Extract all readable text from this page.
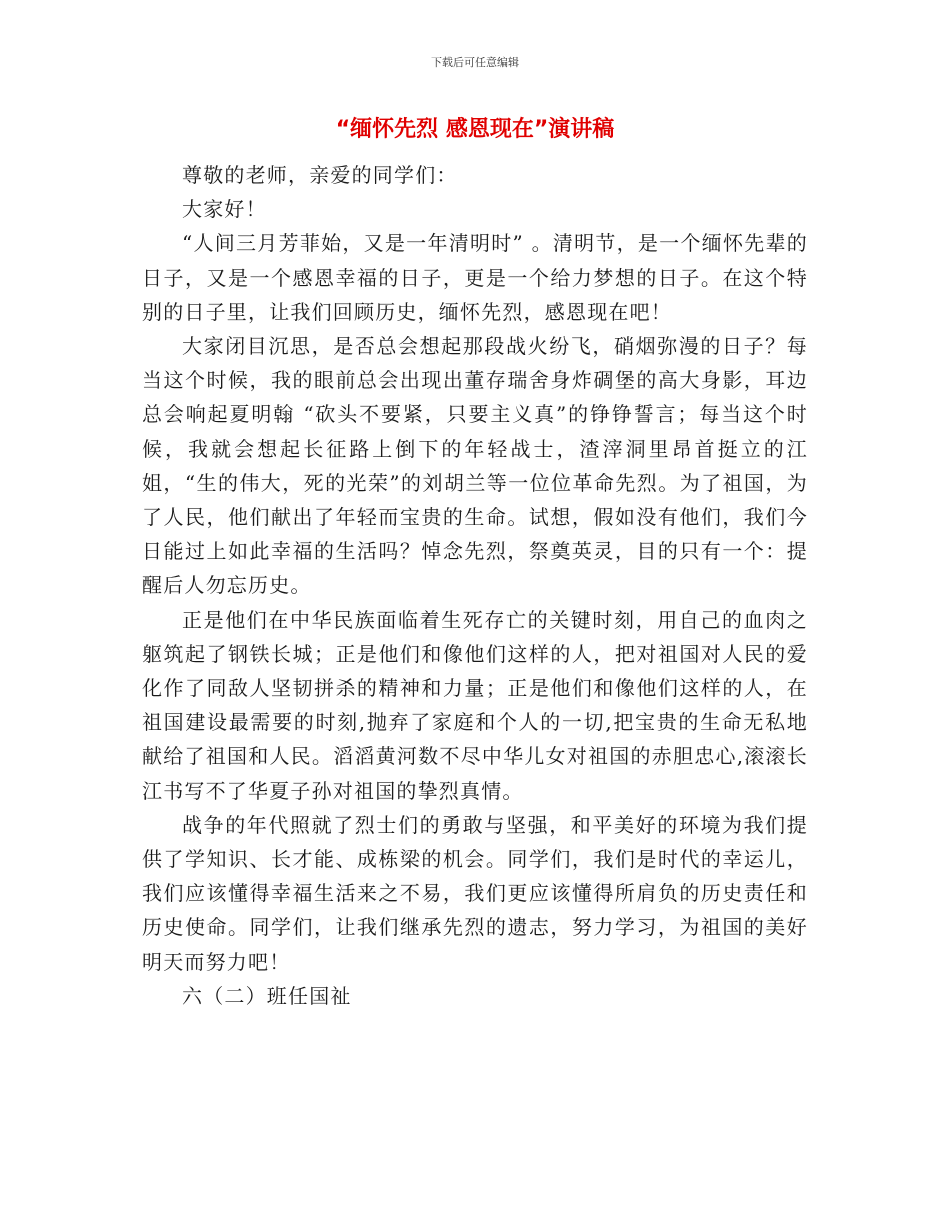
下载后可任意编辑
“缅怀先烈 感恩现在”演讲稿

尊敬的老师，亲爱的同学们：

大家好！

“人间三月芳菲始，又是一年清明时” 。清明节，是一个缅怀先辈的日子，又是一个感恩幸福的日子，更是一个给力梦想的日子。在这个特别的日子里，让我们回顾历史，缅怀先烈，感恩现在吧！

大家闭目沉思，是否总会想起那段战火纷飞，硝烟弥漫的日子？每当这个时候，我的眼前总会出现出董存瑞舍身炸碉堡的高大身影，耳边总会响起夏明翰 “砍头不要紧，只要主义真”的铮铮誓言；每当这个时候，我就会想起长征路上倒下的年轻战士，渣滓洞里昂首挺立的江姐，“生的伟大，死的光荣”的刘胡兰等一位位革命先烈。为了祖国，为了人民，他们献出了年轻而宝贵的生命。试想，假如没有他们，我们今日能过上如此幸福的生活吗？悼念先烈，祭奠英灵，目的只有一个：提醒后人勿忘历史。

正是他们在中华民族面临着生死存亡的关键时刻，用自己的血肉之躯筑起了钢铁长城；正是他们和像他们这样的人，把对祖国对人民的爱化作了同敌人坚韧拼杀的精神和力量；正是他们和像他们这样的人，在祖国建设最需要的时刻,抛弃了家庭和个人的一切,把宝贵的生命无私地献给了祖国和人民。滔滔黄河数不尽中华儿女对祖国的赤胆忠心,滚滚长江书写不了华夏子孙对祖国的挚烈真情。

战争的年代照就了烈士们的勇敢与坚强，和平美好的环境为我们提供了学知识、长才能、成栋梁的机会。同学们，我们是时代的幸运儿，我们应该懂得幸福生活来之不易，我们更应该懂得所肩负的历史责任和历史使命。同学们，让我们继承先烈的遗志，努力学习，为祖国的美好明天而努力吧！

六（二）班任国祉
